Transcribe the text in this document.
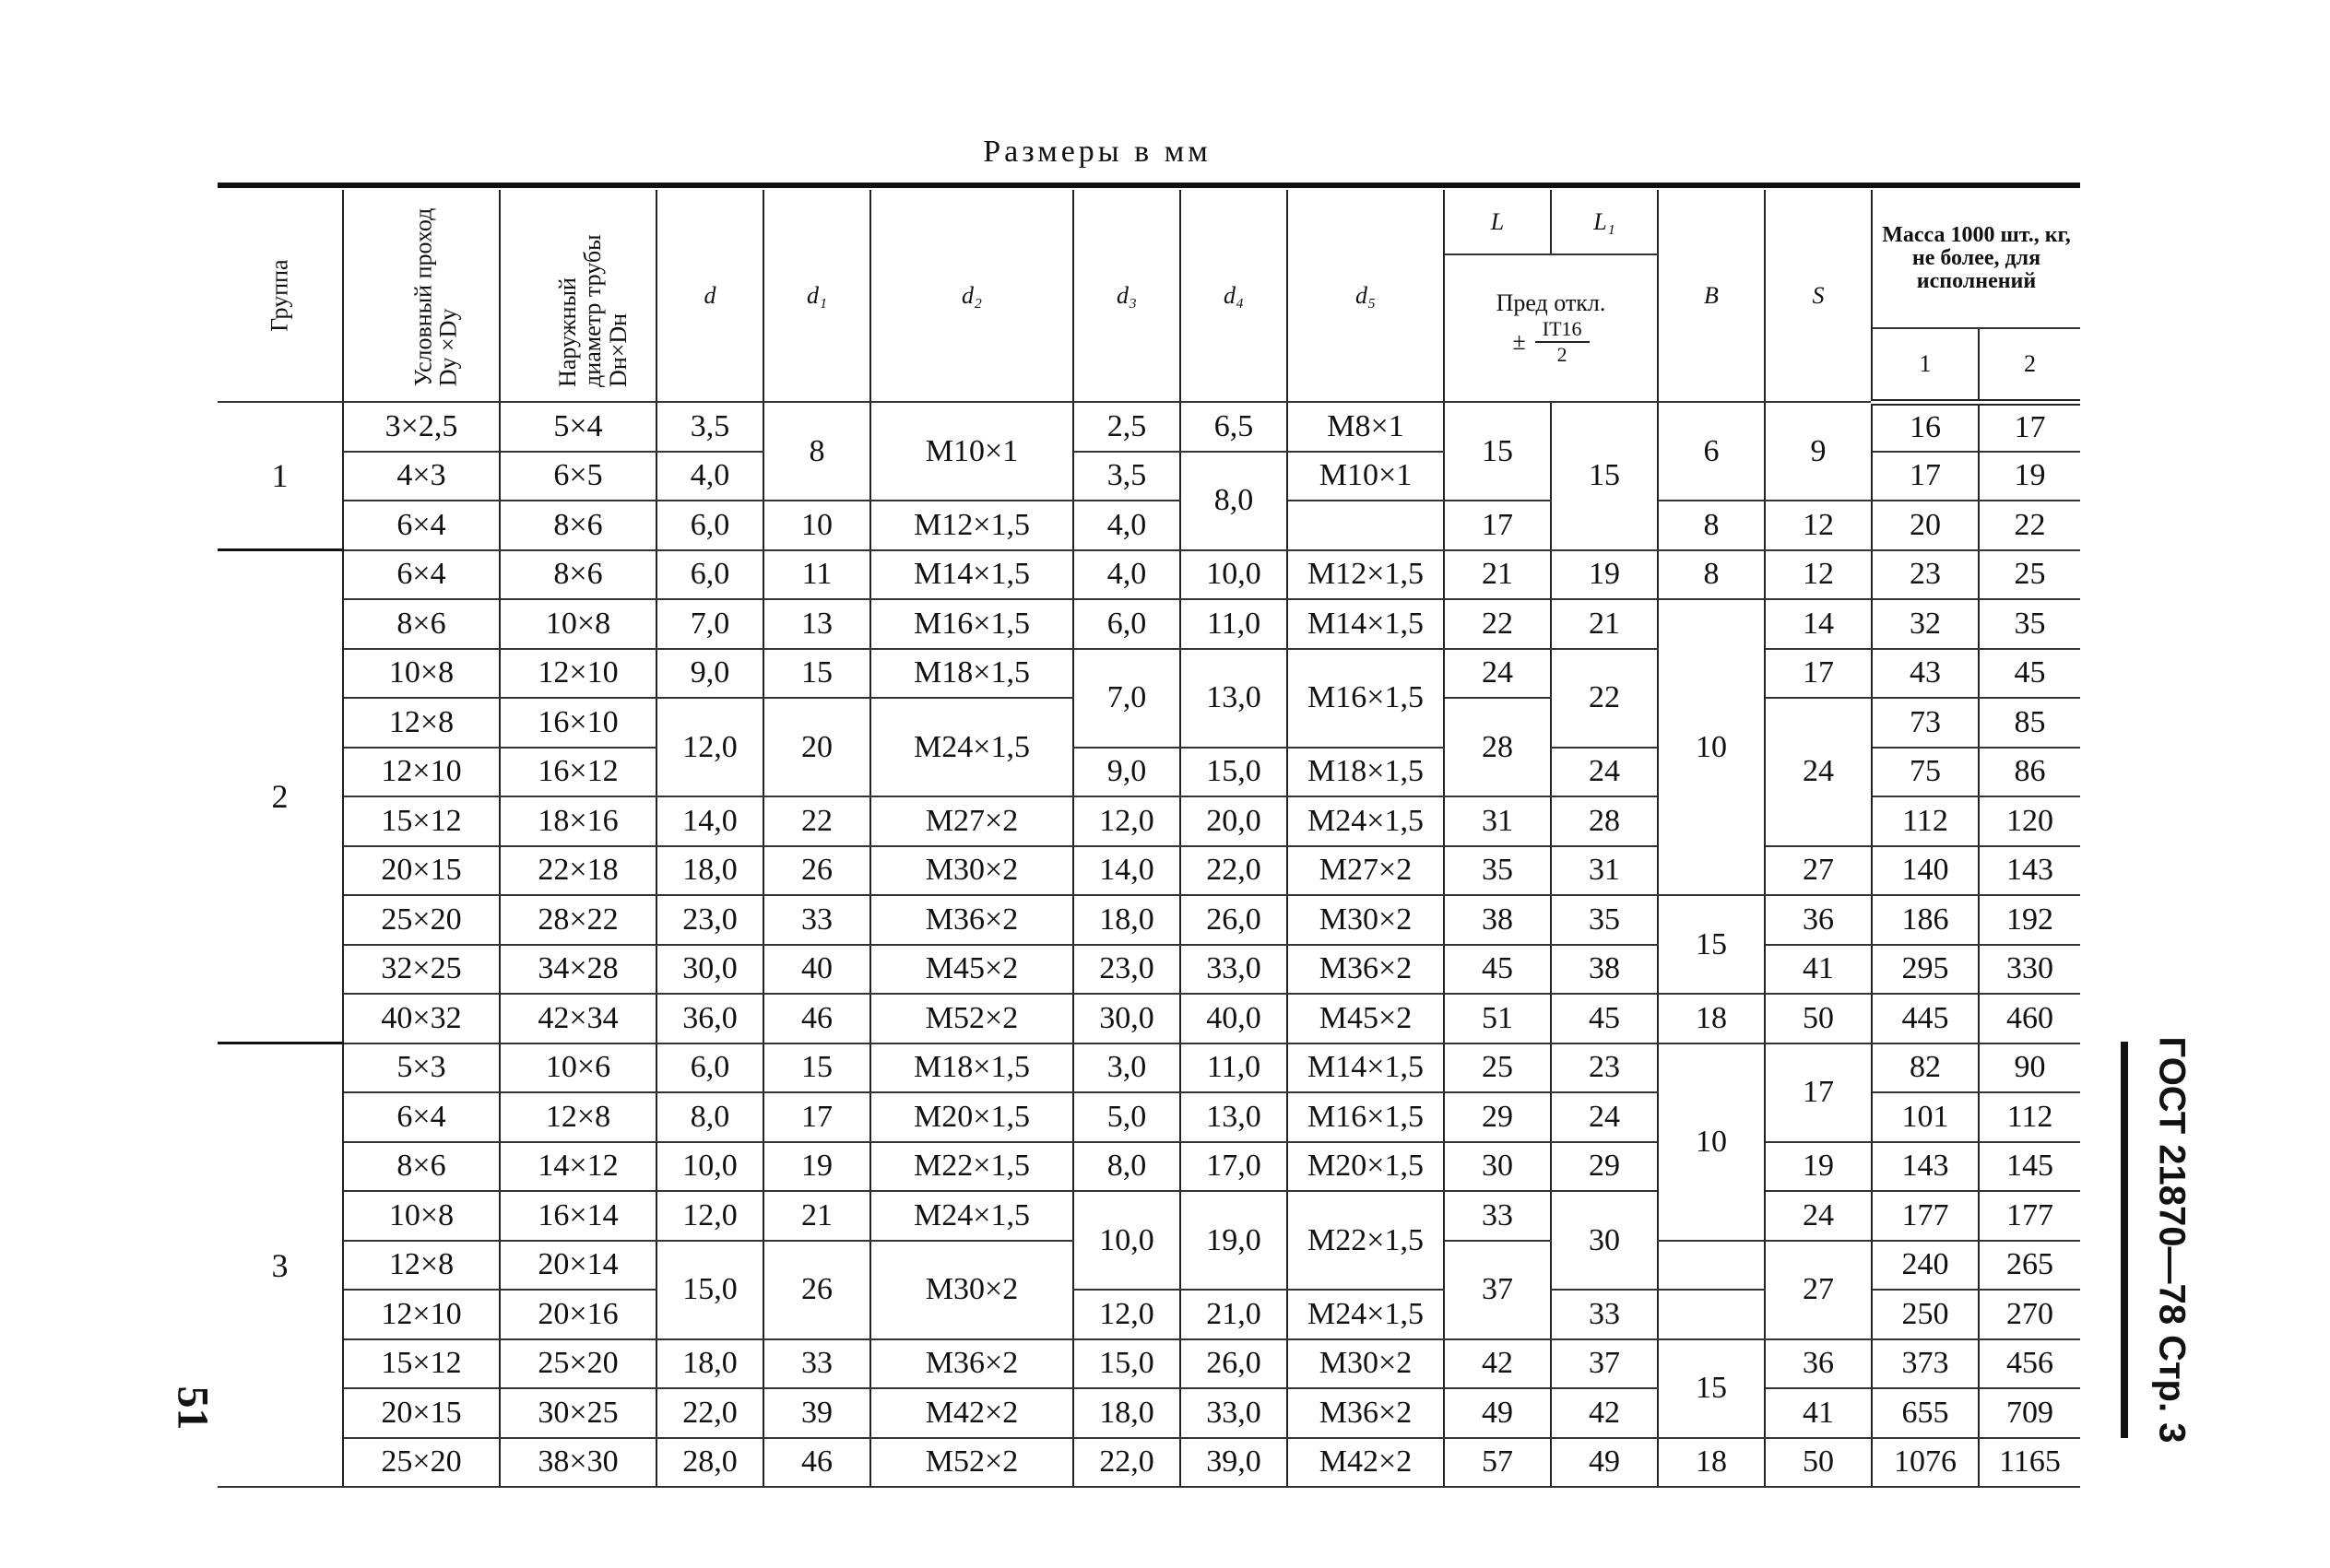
Размеры в мм
Группа	Условный проход Dу ×Dу	Наружный диаметр трубы Dн×Dн	d	d₁	d₂	d₃	d₄	d₅	L	L₁	B	S	Масса 1000 шт., кг, не более, для исполнений	

									Пред откл.
± $\frac{IT16}{2}$

													1	2
1	3×2,5	5×4	3,5	8	М10×1	2,5	6,5	М8×1	15	15	6	9	16	17
	4×3	6×5	4,0			3,5	8,0	М10×1					17	19
	6×4	8×6	6,0	10	М12×1,5	4,0			17		8	12	20	22
2	6×4	8×6	6,0	11	М14×1,5	4,0	10,0	М12×1,5	21	19	8	12	23	25
	8×6	10×8	7,0	13	М16×1,5	6,0	11,0	М14×1,5	22	21	10	14	32	35
	10×8	12×10	9,0	15	М18×1,5	7,0	13,0	М16×1,5	24	22		17	43	45
	12×8	16×10	12,0	20	М24×1,5				28			24	73	85
	12×10	16×12				9,0	15,0	М18×1,5		24			75	86
	15×12	18×16	14,0	22	М27×2	12,0	20,0	М24×1,5	31	28			112	120
	20×15	22×18	18,0	26	М30×2	14,0	22,0	М27×2	35	31		27	140	143
	25×20	28×22	23,0	33	М36×2	18,0	26,0	М30×2	38	35	15	36	186	192
	32×25	34×28	30,0	40	М45×2	23,0	33,0	М36×2	45	38		41	295	330
	40×32	42×34	36,0	46	М52×2	30,0	40,0	М45×2	51	45	18	50	445	460
3	5×3	10×6	6,0	15	М18×1,5	3,0	11,0	М14×1,5	25	23	10	17	82	90
	6×4	12×8	8,0	17	М20×1,5	5,0	13,0	М16×1,5	29	24			101	112
	8×6	14×12	10,0	19	М22×1,5	8,0	17,0	М20×1,5	30	29		19	143	145
	10×8	16×14	12,0	21	М24×1,5	10,0	19,0	М22×1,5	33	30		24	177	177
	12×8	20×14	15,0	26	М30×2				37			27	240	265
	12×10	20×16				12,0	21,0	М24×1,5		33			250	270
	15×12	25×20	18,0	33	М36×2	15,0	26,0	М30×2	42	37	15	36	373	456
	20×15	30×25	22,0	39	М42×2	18,0	33,0	М36×2	49	42		41	655	709
	25×20	38×30	28,0	46	М52×2	22,0	39,0	М42×2	57	49	18	50	1076	1165
ГОСТ 21870—78 Стр. 3
51
